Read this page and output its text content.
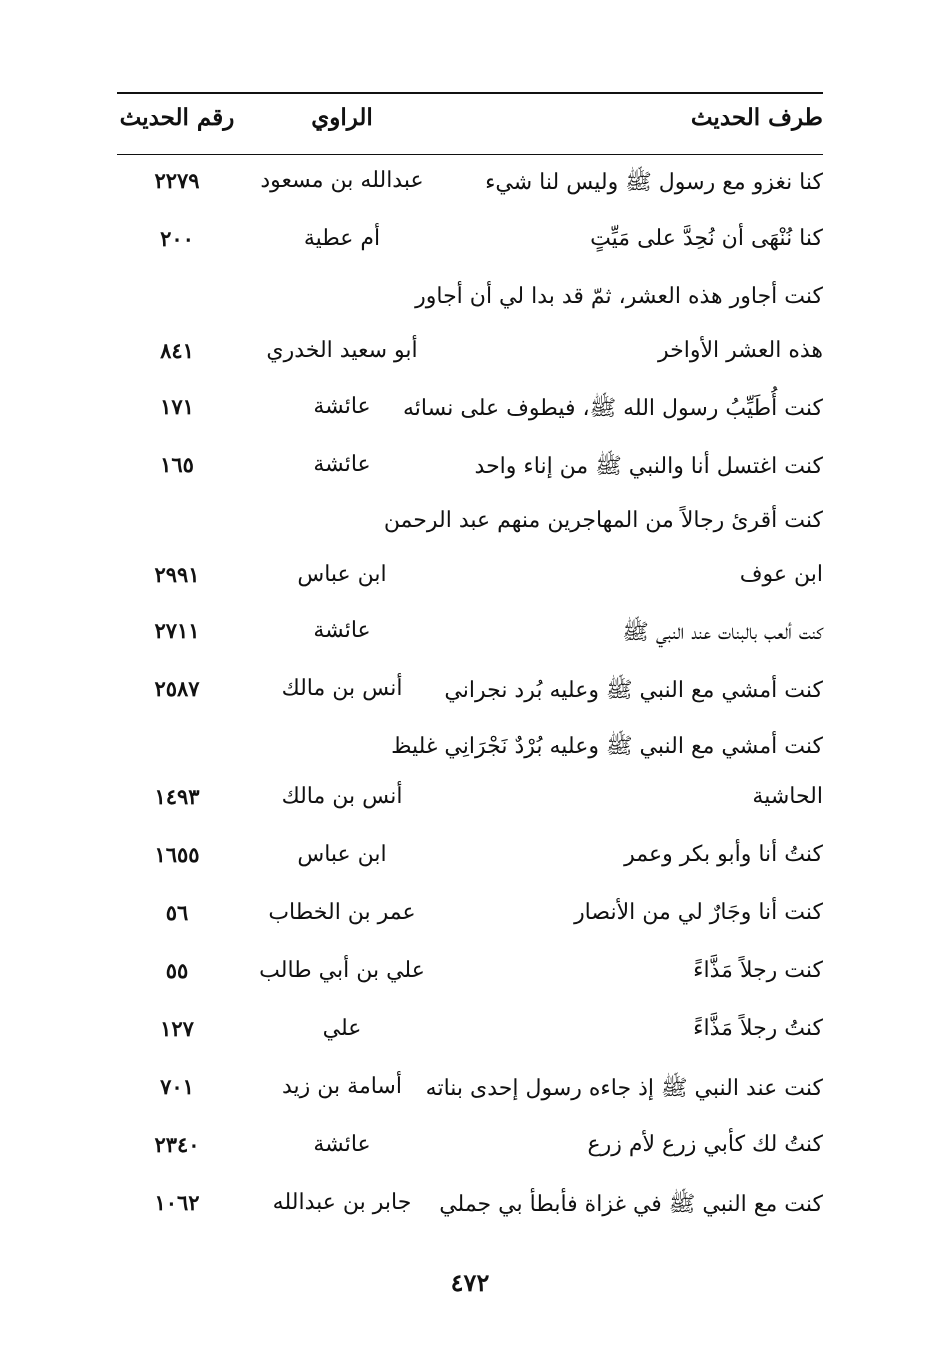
طرف الحديث
الراوي
رقم الحديث
كنا نغزو مع رسول ﷺ وليس لنا شيء
عبدالله بن مسعود
٢٢٧٩
كنا نُنْهَى أن نُحِدَّ على مَيِّتٍ
أم عطية
٢٠٠
كنت أجاور هذه العشر، ثمّ قد بدا لي أن أجاور
هذه العشر الأواخر
أبو سعيد الخدري
٨٤١
كنت أُطَيِّبُ رسول الله ﷺ، فيطوف على نسائه
عائشة
١٧١
كنت اغتسل أنا والنبي ﷺ من إناء واحد
عائشة
١٦٥
كنت أقرئ رجالاً من المهاجرين منهم عبد الرحمن
ابن عوف
ابن عباس
٢٩٩١
كنت ألعب بالبنات عند النبي ﷺ
عائشة
٢٧١١
كنت أمشي مع النبي ﷺ وعليه بُرد نجراني
أنس بن مالك
٢٥٨٧
كنت أمشي مع النبي ﷺ وعليه بُرْدٌ نَجْرَانِي غليظ
الحاشية
أنس بن مالك
١٤٩٣
كنتُ أنا وأبو بكر وعمر
ابن عباس
١٦٥٥
كنت أنا وجَارٌ لي من الأنصار
عمر بن الخطاب
٥٦
كنت رجلاً مَذَّاءً
علي بن أبي طالب
٥٥
كنتُ رجلاً مَذَّاءً
علي
١٢٧
كنت عند النبي ﷺ إذ جاءه رسول إحدى بناته
أسامة بن زيد
٧٠١
كنتُ لك كأبي زرع لأم زرع
عائشة
٢٣٤٠
كنت مع النبي ﷺ في غزاة فأبطأ بي جملي
جابر بن عبدالله
١٠٦٢
٤٧٢
